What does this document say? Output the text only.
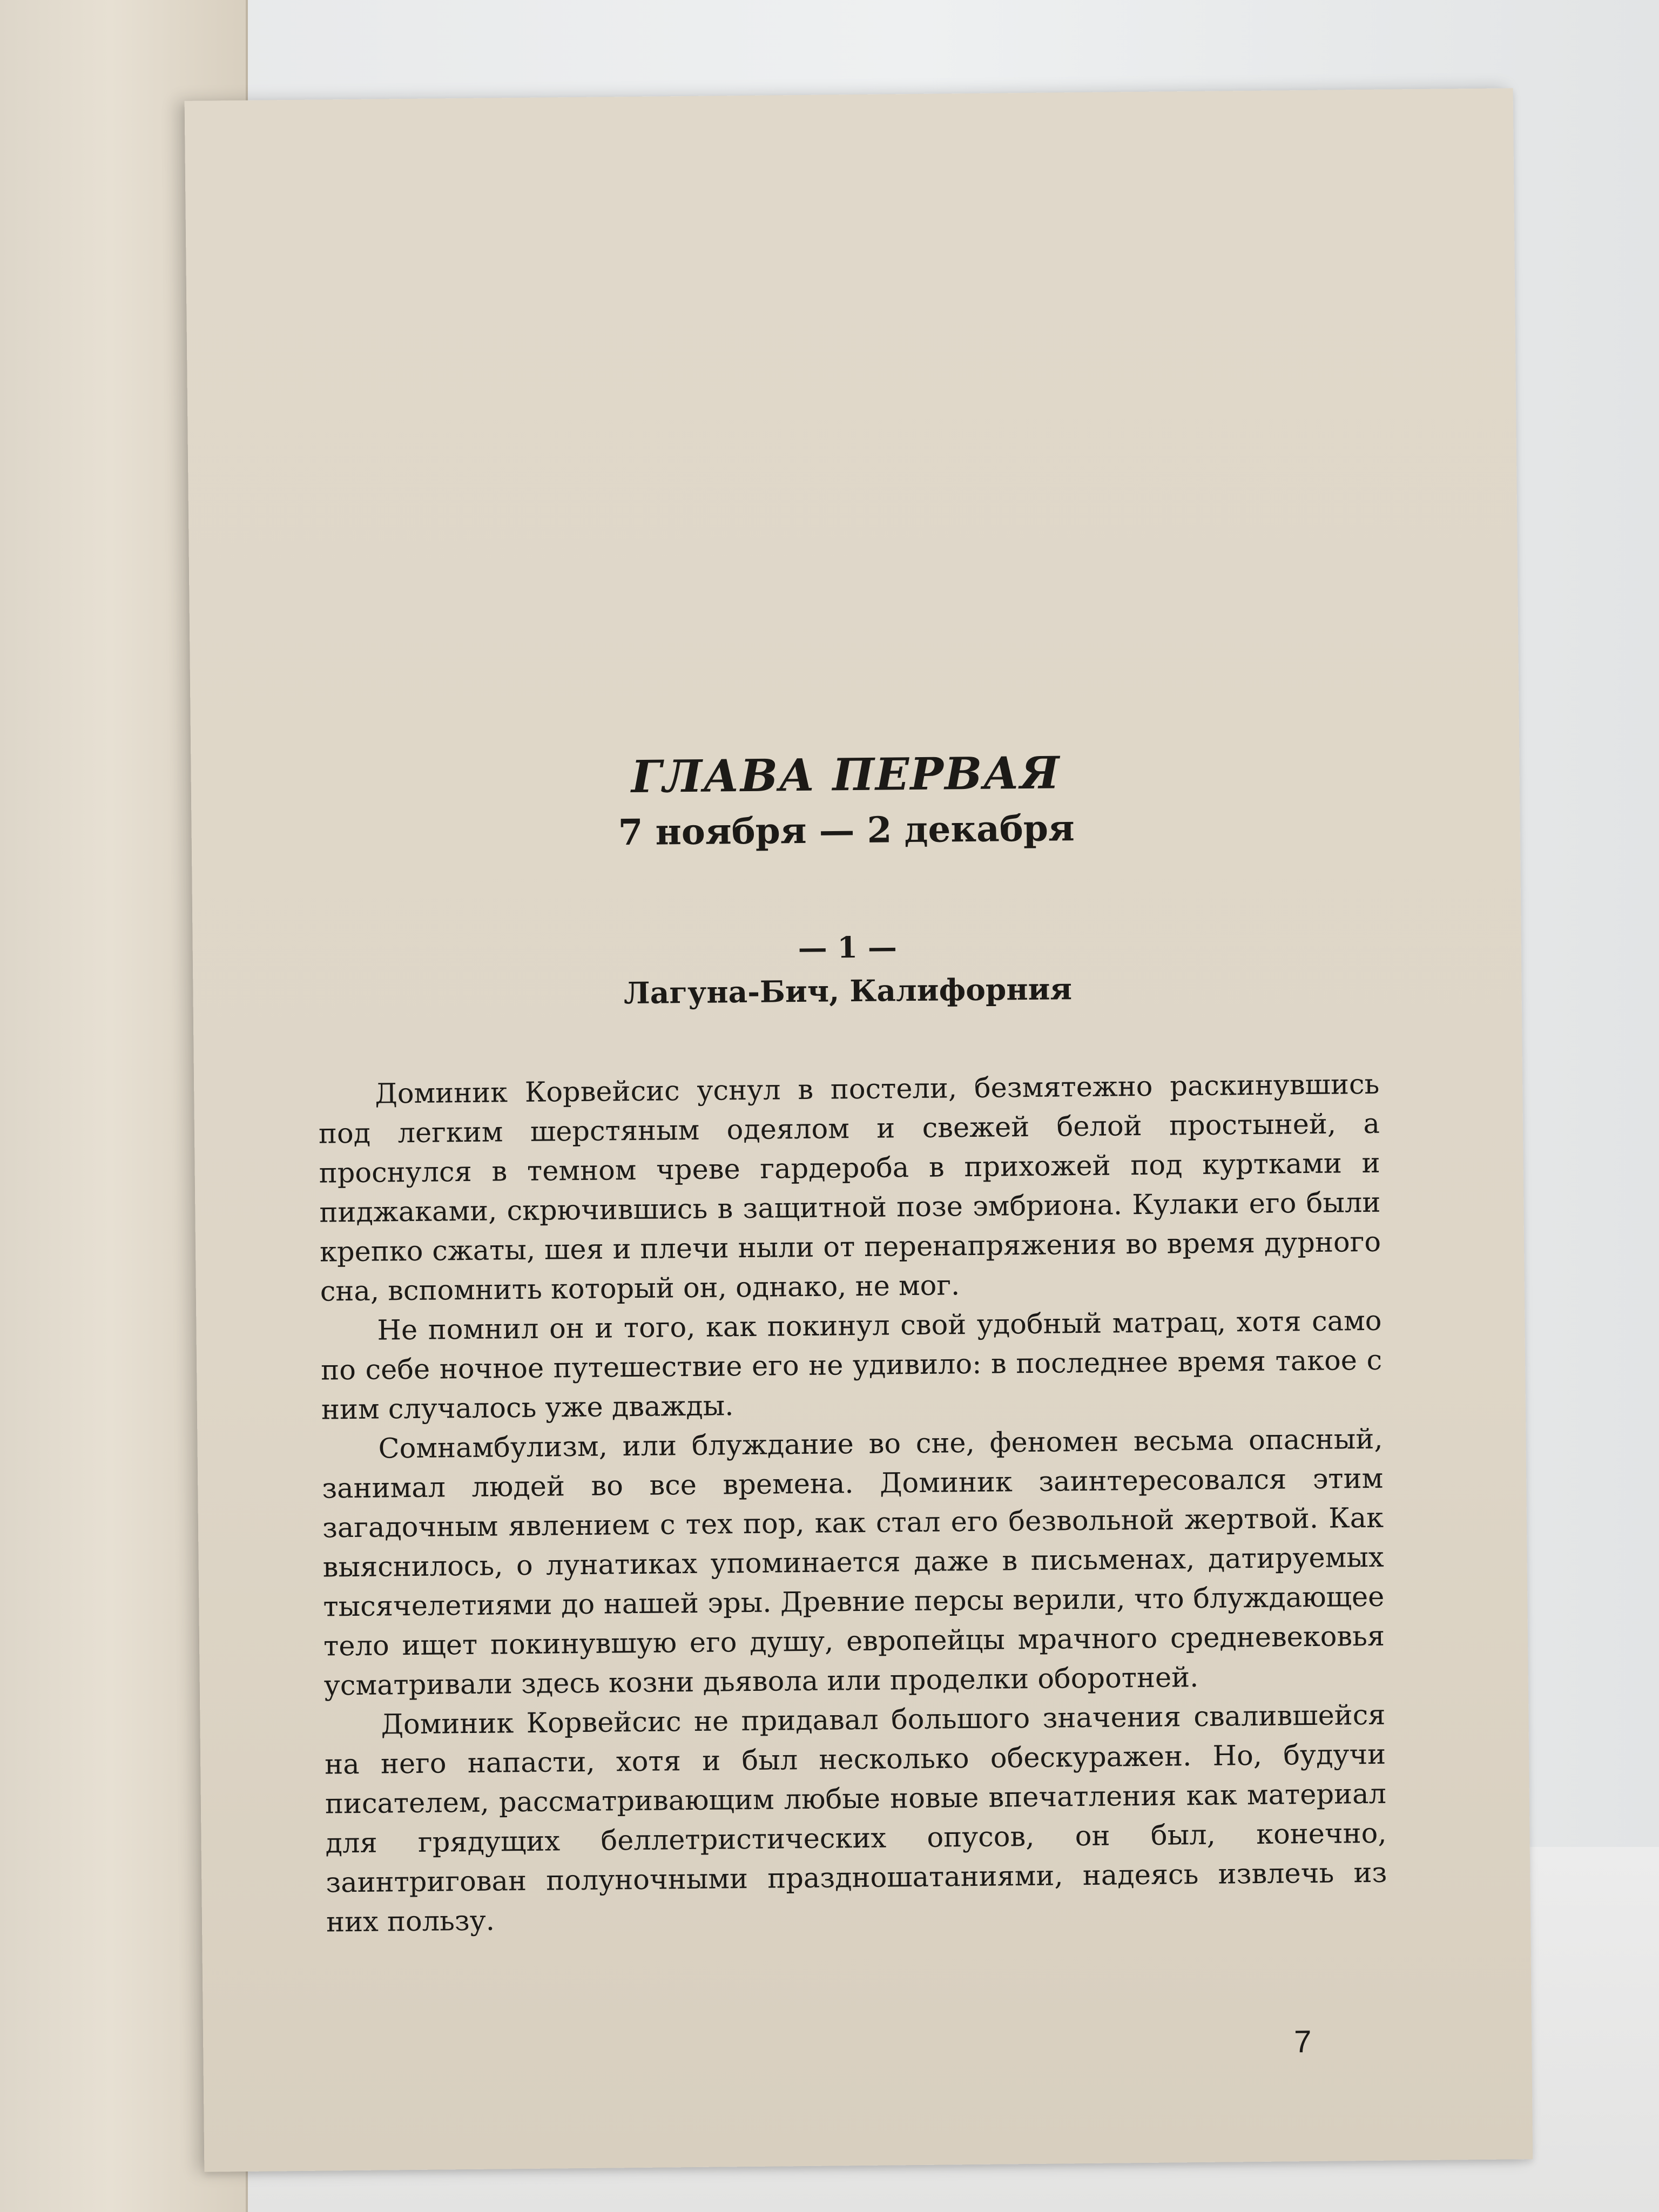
ГЛАВА ПЕРВАЯ
7 ноября — 2 декабря
— 1 —
Лагуна-Бич, Калифорния

Доминик Корвейсис уснул в постели, безмятежно раскинувшись под легким шерстяным одеялом и свежей белой простыней, а проснулся в темном чреве гардероба в прихожей под куртками и пиджаками, скрючившись в защитной позе эмбриона. Кулаки его были крепко сжаты, шея и плечи ныли от перенапряжения во время дурного сна, вспомнить который он, однако, не мог.

Не помнил он и того, как покинул свой удобный матрац, хотя само по себе ночное путешествие его не удивило: в последнее время такое с ним случалось уже дважды.

Сомнамбулизм, или блуждание во сне, феномен весьма опасный, занимал людей во все времена. Доминик заинтересовался этим загадочным явлением с тех пор, как стал его безвольной жертвой. Как выяснилось, о лунатиках упоминается даже в письменах, датируемых тысячелетиями до нашей эры. Древние персы верили, что блуждающее тело ищет покинувшую его душу, европейцы мрачного средневековья усматривали здесь козни дьявола или проделки оборотней.

Доминик Корвейсис не придавал большого значения свалившейся на него напасти, хотя и был несколько обескуражен. Но, будучи писателем, рассматривающим любые новые впечатления как материал для грядущих беллетристических опусов, он был, конечно, заинтригован полуночными праздношатаниями, надеясь извлечь из них пользу.

7
